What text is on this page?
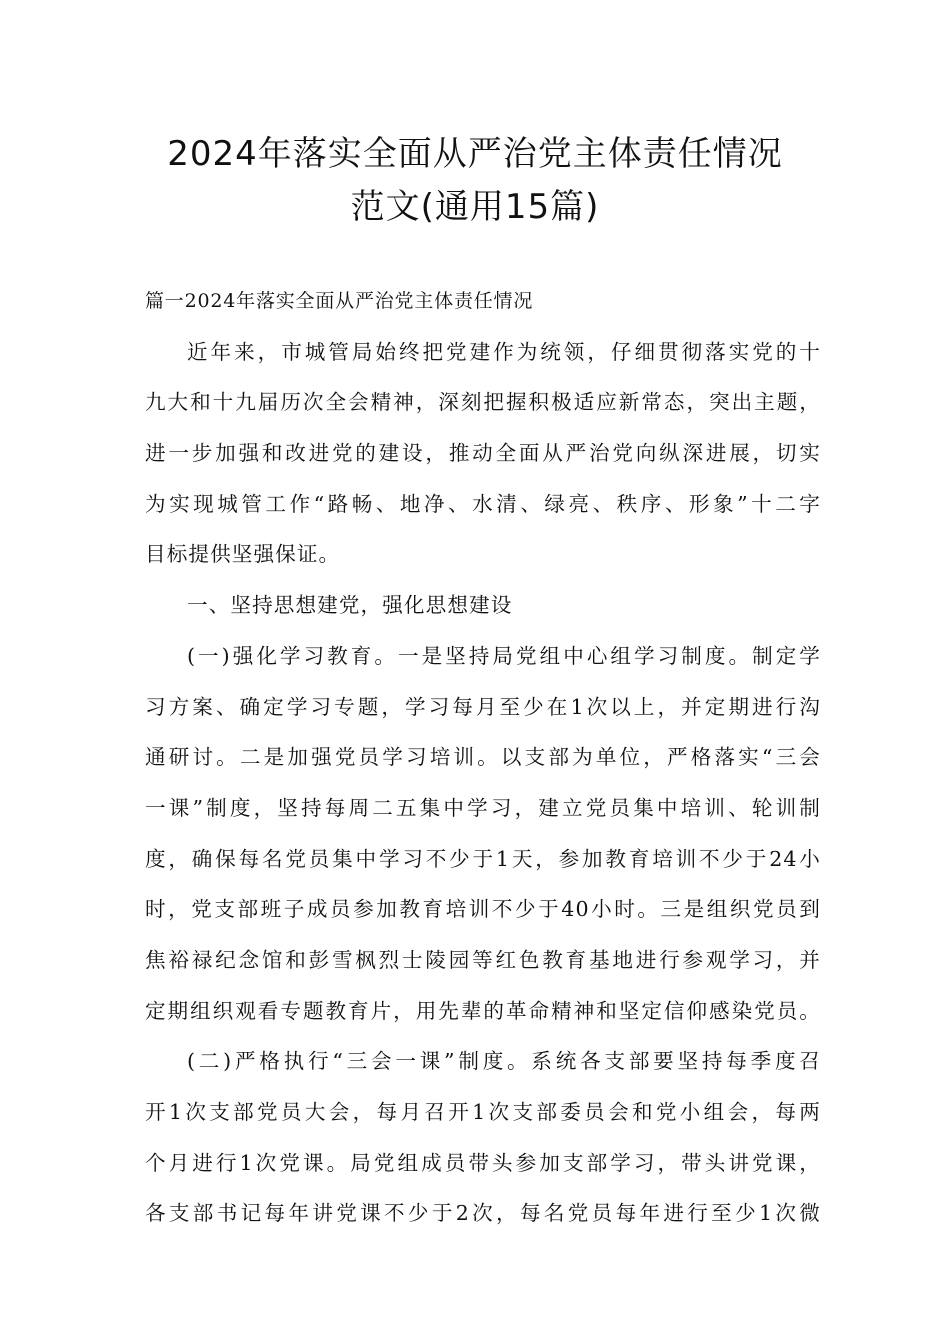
2024年落实全面从严治党主体责任情况
范文(通用15篇)
篇一2024年落实全面从严治党主体责任情况
近年来，市城管局始终把党建作为统领，仔细贯彻落实党的十
九大和十九届历次全会精神，深刻把握积极适应新常态，突出主题，
进一步加强和改进党的建设，推动全面从严治党向纵深进展，切实
为实现城管工作“路畅、地净、水清、绿亮、秩序、形象”十二字
目标提供坚强保证。
一、坚持思想建党，强化思想建设
(一)强化学习教育。一是坚持局党组中心组学习制度。制定学
习方案、确定学习专题，学习每月至少在1次以上，并定期进行沟
通研讨。二是加强党员学习培训。以支部为单位，严格落实“三会
一课”制度，坚持每周二五集中学习，建立党员集中培训、轮训制
度，确保每名党员集中学习不少于1天，参加教育培训不少于24小
时，党支部班子成员参加教育培训不少于40小时。三是组织党员到
焦裕禄纪念馆和彭雪枫烈士陵园等红色教育基地进行参观学习，并
定期组织观看专题教育片，用先辈的革命精神和坚定信仰感染党员。
(二)严格执行“三会一课”制度。系统各支部要坚持每季度召
开1次支部党员大会，每月召开1次支部委员会和党小组会，每两
个月进行1次党课。局党组成员带头参加支部学习，带头讲党课，
各支部书记每年讲党课不少于2次，每名党员每年进行至少1次微
